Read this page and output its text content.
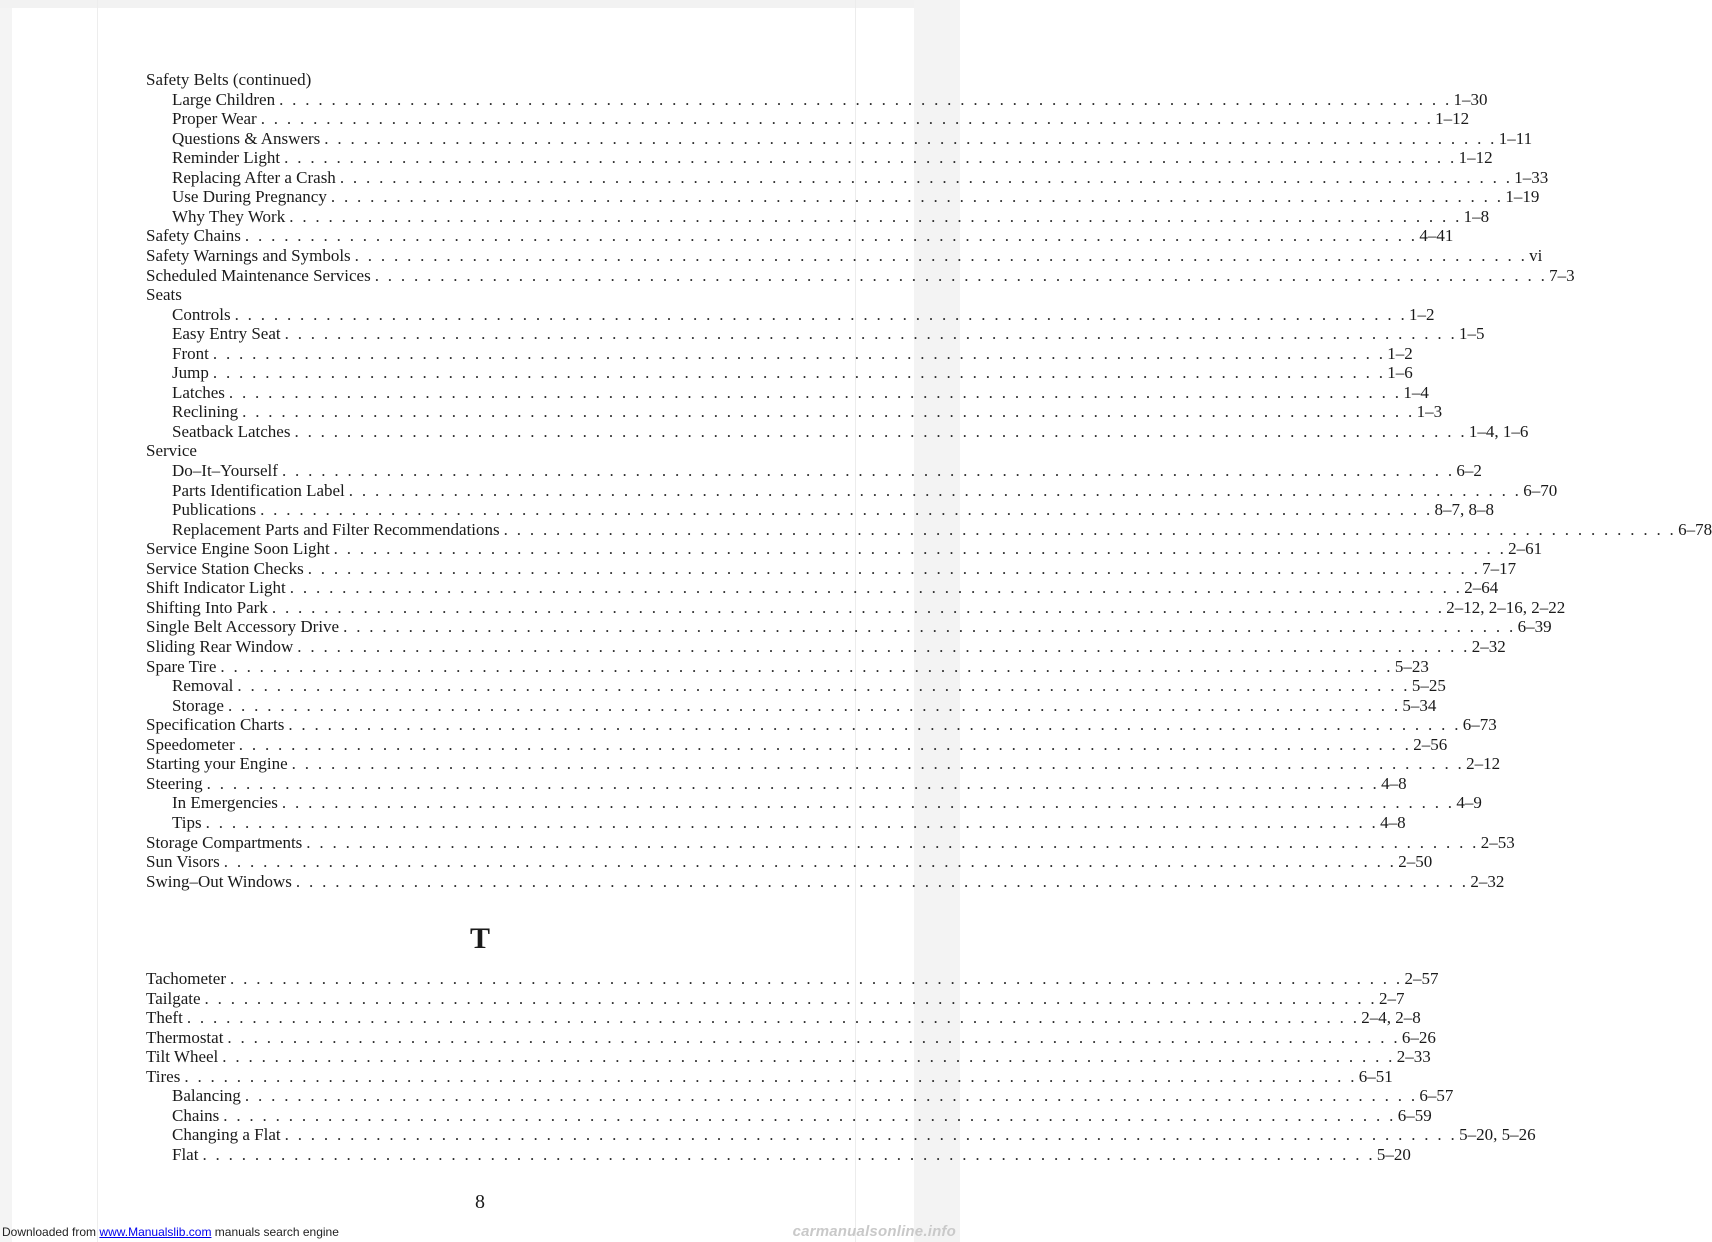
Safety Belts (continued)
Large Children . . . . . . . . . . . . . . . . . . . . . . . . . . . . . . . . . . . . . . . . . . . . . . . . . . . . . . . . . . . . . . . . . . . . . . . . . . . . . . . . . . . . . . . . . . 1–30
Proper Wear . . . . . . . . . . . . . . . . . . . . . . . . . . . . . . . . . . . . . . . . . . . . . . . . . . . . . . . . . . . . . . . . . . . . . . . . . . . . . . . . . . . . . . . . . . 1–12
Questions & Answers . . . . . . . . . . . . . . . . . . . . . . . . . . . . . . . . . . . . . . . . . . . . . . . . . . . . . . . . . . . . . . . . . . . . . . . . . . . . . . . . . . . . . . . . . . 1–11
Reminder Light . . . . . . . . . . . . . . . . . . . . . . . . . . . . . . . . . . . . . . . . . . . . . . . . . . . . . . . . . . . . . . . . . . . . . . . . . . . . . . . . . . . . . . . . . . 1–12
Replacing After a Crash . . . . . . . . . . . . . . . . . . . . . . . . . . . . . . . . . . . . . . . . . . . . . . . . . . . . . . . . . . . . . . . . . . . . . . . . . . . . . . . . . . . . . . . . . . 1–33
Use During Pregnancy . . . . . . . . . . . . . . . . . . . . . . . . . . . . . . . . . . . . . . . . . . . . . . . . . . . . . . . . . . . . . . . . . . . . . . . . . . . . . . . . . . . . . . . . . . 1–19
Why They Work . . . . . . . . . . . . . . . . . . . . . . . . . . . . . . . . . . . . . . . . . . . . . . . . . . . . . . . . . . . . . . . . . . . . . . . . . . . . . . . . . . . . . . . . . . 1–8
Safety Chains . . . . . . . . . . . . . . . . . . . . . . . . . . . . . . . . . . . . . . . . . . . . . . . . . . . . . . . . . . . . . . . . . . . . . . . . . . . . . . . . . . . . . . . . . . 4–41
Safety Warnings and Symbols . . . . . . . . . . . . . . . . . . . . . . . . . . . . . . . . . . . . . . . . . . . . . . . . . . . . . . . . . . . . . . . . . . . . . . . . . . . . . . . . . . . . . . . . . . vi
Scheduled Maintenance Services . . . . . . . . . . . . . . . . . . . . . . . . . . . . . . . . . . . . . . . . . . . . . . . . . . . . . . . . . . . . . . . . . . . . . . . . . . . . . . . . . . . . . . . . . . 7–3
Seats
Controls . . . . . . . . . . . . . . . . . . . . . . . . . . . . . . . . . . . . . . . . . . . . . . . . . . . . . . . . . . . . . . . . . . . . . . . . . . . . . . . . . . . . . . . . . . 1–2
Easy Entry Seat . . . . . . . . . . . . . . . . . . . . . . . . . . . . . . . . . . . . . . . . . . . . . . . . . . . . . . . . . . . . . . . . . . . . . . . . . . . . . . . . . . . . . . . . . . 1–5
Front . . . . . . . . . . . . . . . . . . . . . . . . . . . . . . . . . . . . . . . . . . . . . . . . . . . . . . . . . . . . . . . . . . . . . . . . . . . . . . . . . . . . . . . . . . 1–2
Jump . . . . . . . . . . . . . . . . . . . . . . . . . . . . . . . . . . . . . . . . . . . . . . . . . . . . . . . . . . . . . . . . . . . . . . . . . . . . . . . . . . . . . . . . . . 1–6
Latches . . . . . . . . . . . . . . . . . . . . . . . . . . . . . . . . . . . . . . . . . . . . . . . . . . . . . . . . . . . . . . . . . . . . . . . . . . . . . . . . . . . . . . . . . . 1–4
Reclining . . . . . . . . . . . . . . . . . . . . . . . . . . . . . . . . . . . . . . . . . . . . . . . . . . . . . . . . . . . . . . . . . . . . . . . . . . . . . . . . . . . . . . . . . . 1–3
Seatback Latches . . . . . . . . . . . . . . . . . . . . . . . . . . . . . . . . . . . . . . . . . . . . . . . . . . . . . . . . . . . . . . . . . . . . . . . . . . . . . . . . . . . . . . . . . . 1–4, 1–6
Service
Do–It–Yourself . . . . . . . . . . . . . . . . . . . . . . . . . . . . . . . . . . . . . . . . . . . . . . . . . . . . . . . . . . . . . . . . . . . . . . . . . . . . . . . . . . . . . . . . . . 6–2
Parts Identification Label . . . . . . . . . . . . . . . . . . . . . . . . . . . . . . . . . . . . . . . . . . . . . . . . . . . . . . . . . . . . . . . . . . . . . . . . . . . . . . . . . . . . . . . . . . 6–70
Publications . . . . . . . . . . . . . . . . . . . . . . . . . . . . . . . . . . . . . . . . . . . . . . . . . . . . . . . . . . . . . . . . . . . . . . . . . . . . . . . . . . . . . . . . . . 8–7, 8–8
Replacement Parts and Filter Recommendations . . . . . . . . . . . . . . . . . . . . . . . . . . . . . . . . . . . . . . . . . . . . . . . . . . . . . . . . . . . . . . . . . . . . . . . . . . . . . . . . . . . . . . . . . . 6–78
Service Engine Soon Light . . . . . . . . . . . . . . . . . . . . . . . . . . . . . . . . . . . . . . . . . . . . . . . . . . . . . . . . . . . . . . . . . . . . . . . . . . . . . . . . . . . . . . . . . . 2–61
Service Station Checks . . . . . . . . . . . . . . . . . . . . . . . . . . . . . . . . . . . . . . . . . . . . . . . . . . . . . . . . . . . . . . . . . . . . . . . . . . . . . . . . . . . . . . . . . . 7–17
Shift Indicator Light . . . . . . . . . . . . . . . . . . . . . . . . . . . . . . . . . . . . . . . . . . . . . . . . . . . . . . . . . . . . . . . . . . . . . . . . . . . . . . . . . . . . . . . . . . 2–64
Shifting Into Park . . . . . . . . . . . . . . . . . . . . . . . . . . . . . . . . . . . . . . . . . . . . . . . . . . . . . . . . . . . . . . . . . . . . . . . . . . . . . . . . . . . . . . . . . . 2–12, 2–16, 2–22
Single Belt Accessory Drive . . . . . . . . . . . . . . . . . . . . . . . . . . . . . . . . . . . . . . . . . . . . . . . . . . . . . . . . . . . . . . . . . . . . . . . . . . . . . . . . . . . . . . . . . . 6–39
Sliding Rear Window . . . . . . . . . . . . . . . . . . . . . . . . . . . . . . . . . . . . . . . . . . . . . . . . . . . . . . . . . . . . . . . . . . . . . . . . . . . . . . . . . . . . . . . . . . 2–32
Spare Tire . . . . . . . . . . . . . . . . . . . . . . . . . . . . . . . . . . . . . . . . . . . . . . . . . . . . . . . . . . . . . . . . . . . . . . . . . . . . . . . . . . . . . . . . . . 5–23
Removal . . . . . . . . . . . . . . . . . . . . . . . . . . . . . . . . . . . . . . . . . . . . . . . . . . . . . . . . . . . . . . . . . . . . . . . . . . . . . . . . . . . . . . . . . . 5–25
Storage . . . . . . . . . . . . . . . . . . . . . . . . . . . . . . . . . . . . . . . . . . . . . . . . . . . . . . . . . . . . . . . . . . . . . . . . . . . . . . . . . . . . . . . . . . 5–34
Specification Charts . . . . . . . . . . . . . . . . . . . . . . . . . . . . . . . . . . . . . . . . . . . . . . . . . . . . . . . . . . . . . . . . . . . . . . . . . . . . . . . . . . . . . . . . . . 6–73
Speedometer . . . . . . . . . . . . . . . . . . . . . . . . . . . . . . . . . . . . . . . . . . . . . . . . . . . . . . . . . . . . . . . . . . . . . . . . . . . . . . . . . . . . . . . . . . 2–56
Starting your Engine . . . . . . . . . . . . . . . . . . . . . . . . . . . . . . . . . . . . . . . . . . . . . . . . . . . . . . . . . . . . . . . . . . . . . . . . . . . . . . . . . . . . . . . . . . 2–12
Steering . . . . . . . . . . . . . . . . . . . . . . . . . . . . . . . . . . . . . . . . . . . . . . . . . . . . . . . . . . . . . . . . . . . . . . . . . . . . . . . . . . . . . . . . . . 4–8
In Emergencies . . . . . . . . . . . . . . . . . . . . . . . . . . . . . . . . . . . . . . . . . . . . . . . . . . . . . . . . . . . . . . . . . . . . . . . . . . . . . . . . . . . . . . . . . . 4–9
Tips . . . . . . . . . . . . . . . . . . . . . . . . . . . . . . . . . . . . . . . . . . . . . . . . . . . . . . . . . . . . . . . . . . . . . . . . . . . . . . . . . . . . . . . . . . 4–8
Storage Compartments . . . . . . . . . . . . . . . . . . . . . . . . . . . . . . . . . . . . . . . . . . . . . . . . . . . . . . . . . . . . . . . . . . . . . . . . . . . . . . . . . . . . . . . . . . 2–53
Sun Visors . . . . . . . . . . . . . . . . . . . . . . . . . . . . . . . . . . . . . . . . . . . . . . . . . . . . . . . . . . . . . . . . . . . . . . . . . . . . . . . . . . . . . . . . . . 2–50
Swing–Out Windows . . . . . . . . . . . . . . . . . . . . . . . . . . . . . . . . . . . . . . . . . . . . . . . . . . . . . . . . . . . . . . . . . . . . . . . . . . . . . . . . . . . . . . . . . . 2–32
Tachometer . . . . . . . . . . . . . . . . . . . . . . . . . . . . . . . . . . . . . . . . . . . . . . . . . . . . . . . . . . . . . . . . . . . . . . . . . . . . . . . . . . . . . . . . . . 2–57
Tailgate . . . . . . . . . . . . . . . . . . . . . . . . . . . . . . . . . . . . . . . . . . . . . . . . . . . . . . . . . . . . . . . . . . . . . . . . . . . . . . . . . . . . . . . . . . 2–7
Theft . . . . . . . . . . . . . . . . . . . . . . . . . . . . . . . . . . . . . . . . . . . . . . . . . . . . . . . . . . . . . . . . . . . . . . . . . . . . . . . . . . . . . . . . . . 2–4, 2–8
Thermostat . . . . . . . . . . . . . . . . . . . . . . . . . . . . . . . . . . . . . . . . . . . . . . . . . . . . . . . . . . . . . . . . . . . . . . . . . . . . . . . . . . . . . . . . . . 6–26
Tilt Wheel . . . . . . . . . . . . . . . . . . . . . . . . . . . . . . . . . . . . . . . . . . . . . . . . . . . . . . . . . . . . . . . . . . . . . . . . . . . . . . . . . . . . . . . . . . 2–33
Tires . . . . . . . . . . . . . . . . . . . . . . . . . . . . . . . . . . . . . . . . . . . . . . . . . . . . . . . . . . . . . . . . . . . . . . . . . . . . . . . . . . . . . . . . . . 6–51
Balancing . . . . . . . . . . . . . . . . . . . . . . . . . . . . . . . . . . . . . . . . . . . . . . . . . . . . . . . . . . . . . . . . . . . . . . . . . . . . . . . . . . . . . . . . . . 6–57
Chains . . . . . . . . . . . . . . . . . . . . . . . . . . . . . . . . . . . . . . . . . . . . . . . . . . . . . . . . . . . . . . . . . . . . . . . . . . . . . . . . . . . . . . . . . . 6–59
Changing a Flat . . . . . . . . . . . . . . . . . . . . . . . . . . . . . . . . . . . . . . . . . . . . . . . . . . . . . . . . . . . . . . . . . . . . . . . . . . . . . . . . . . . . . . . . . . 5–20, 5–26
Flat . . . . . . . . . . . . . . . . . . . . . . . . . . . . . . . . . . . . . . . . . . . . . . . . . . . . . . . . . . . . . . . . . . . . . . . . . . . . . . . . . . . . . . . . . . 5–20
T
8
Downloaded from www.Manualslib.com manuals search engine	carmanualsonline.info
